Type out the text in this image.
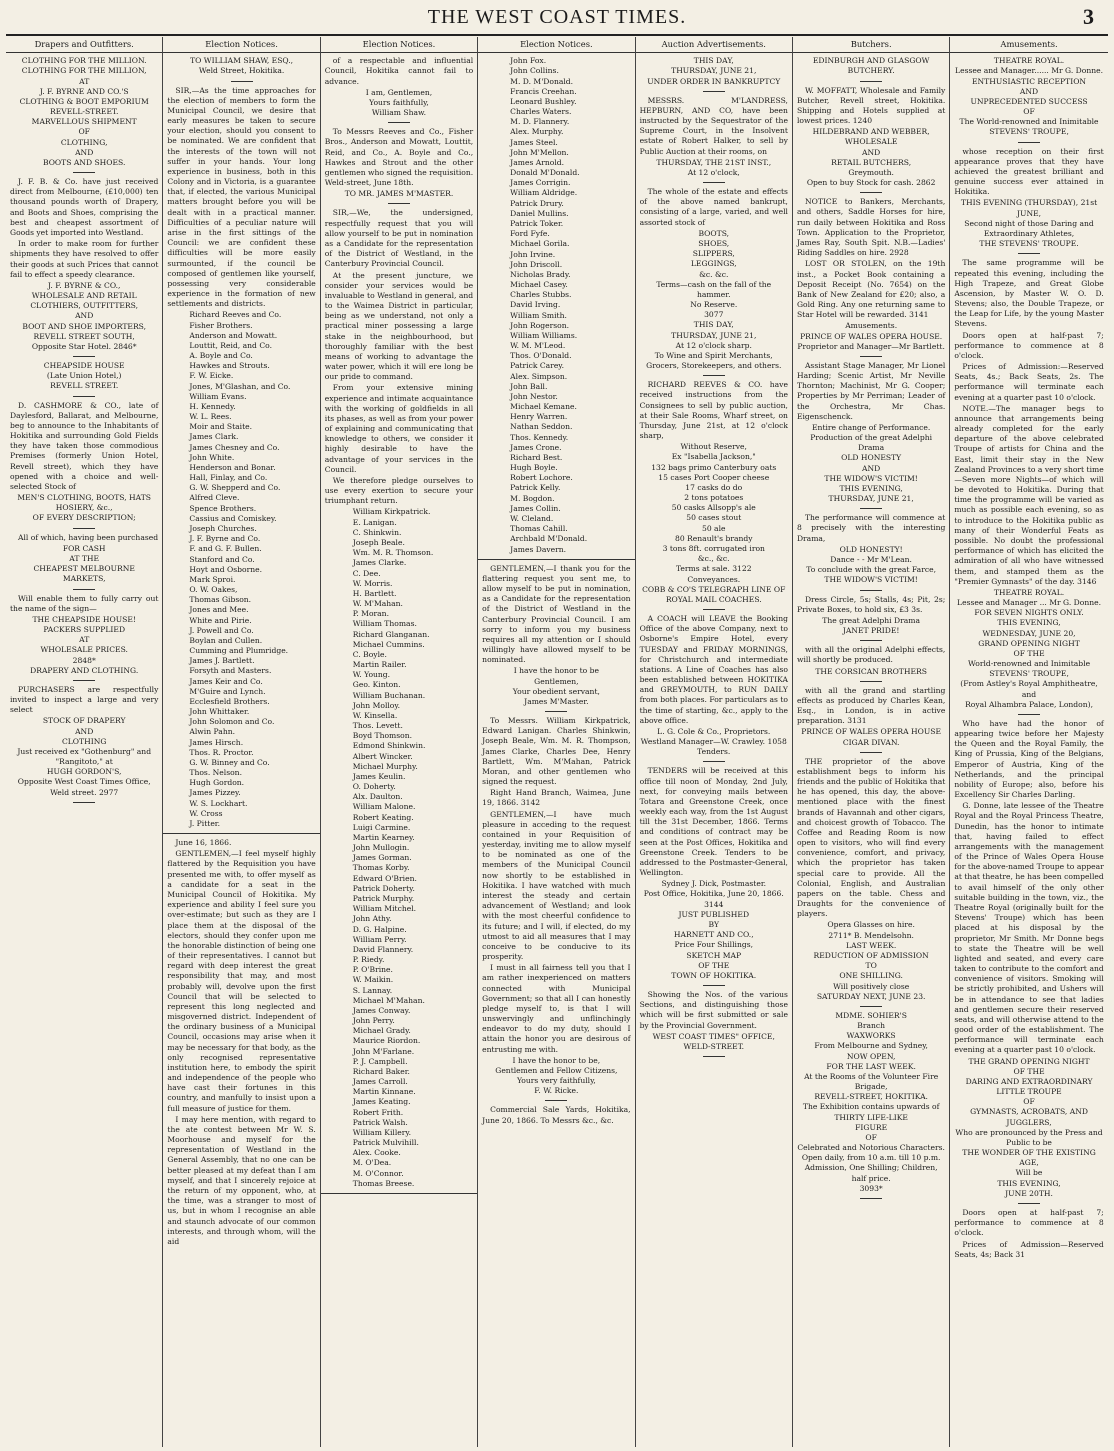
THE WEST COAST TIMES.	3
Drapers and Outfitters.
CLOTHING FOR THE MILLION.
CLOTHING FOR THE MILLION,
AT
J. F. BYRNE AND CO.'S
CLOTHING & BOOT EMPORIUM
REVELL-STREET.
MARVELLOUS SHIPMENT
OF
CLOTHING,
AND
BOOTS AND SHOES.

J. F. B. & Co. have just received direct from Melbourne, (£10,000) ten thousand pounds worth of Drapery, and Boots and Shoes, comprising the best and cheapest assortment of Goods yet imported into Westland.

In order to make room for further shipments they have resolved to offer their goods at such Prices that cannot fail to effect a speedy clearance.

J. F. BYRNE & CO.,
WHOLESALE AND RETAIL
CLOTHIERS, OUTFITTERS,
AND
BOOT AND SHOE IMPORTERS,
REVELL STREET SOUTH,
Opposite Star Hotel. 2846*
CHEAPSIDE HOUSE
(Late Union Hotel,)
REVELL STREET.

D. CASHMORE & CO., late of Daylesford, Ballarat, and Melbourne, beg to announce to the Inhabitants of Hokitika and surrounding Gold Fields they have taken those commodious Premises (formerly Union Hotel, Revell street), which they have opened with a choice and well-selected Stock of

MEN'S CLOTHING, BOOTS, HATS
HOSIERY, &c.,
OF EVERY DESCRIPTION;

All of which, having been purchased

FOR CASH
AT THE
CHEAPEST MELBOURNE
MARKETS,

Will enable them to fully carry out the name of the sign—

THE CHEAPSIDE HOUSE!
PACKERS SUPPLIED
AT
WHOLESALE PRICES.
2848*
DRAPERY AND CLOTHING.

PURCHASERS are respectfully invited to inspect a large and very select

STOCK OF DRAPERY
AND
CLOTHING
Just received ex "Gothenburg" and
"Rangitoto," at
HUGH GORDON'S,
Opposite West Coast Times Office,
Weld street. 2977
Election Notices.
TO WILLIAM SHAW, ESQ.,
Weld Street, Hokitika.

SIR,—As the time approaches for the election of members to form the Municipal Council, we desire that early measures be taken to secure your election, should you consent to be nominated. We are confident that the interests of the town will not suffer in your hands. Your long experience in business, both in this Colony and in Victoria, is a guarantee that, if elected, the various Municipal matters brought before you will be dealt with in a practical manner. Difficulties of a peculiar nature will arise in the first sittings of the Council: we are confident these difficulties will be more easily surmounted, if the council be composed of gentlemen like yourself, possessing very considerable experience in the formation of new settlements and districts.

Richard Reeves and Co.
Fisher Brothers.
Anderson and Mowatt.
Louttit, Reid, and Co.
A. Boyle and Co.
Hawkes and Strouts.
F. W. Eicke.
Jones, M'Glashan, and Co.
William Evans.
H. Kennedy.
W. L. Rees.
Moir and Staite.
James Clark.
James Chesney and Co.
John White.
Henderson and Bonar.
Hall, Finlay, and Co.
G. W. Shepperd and Co.
Alfred Cleve.
Spence Brothers.
Cassius and Comiskey.
Joseph Churches.
J. F. Byrne and Co.
F. and G. F. Bullen.
Stanford and Co.
Hoyt and Osborne.
Mark Sproi.
O. W. Oakes,
Thomas Gibson.
Jones and Mee.
White and Pirie.
J. Powell and Co.
Boylan and Cullen.
Cumming and Plumridge.
James J. Bartlett.
Forsyth and Masters.
James Keir and Co.
M'Guire and Lynch.
Ecclesfield Brothers.
John Whittaker.
John Solomon and Co.
Alwin Pahn.
James Hirsch.
Thos. R. Proctor.
G. W. Binney and Co.
Thos. Nelson.
Hugh Gordon.
James Pizzey.
W. S. Lockhart.
W. Cross
J. Pitter.

June 16, 1866.

GENTLEMEN,—I feel myself highly flattered by the Requisition you have presented me with, to offer myself as a candidate for a seat in the Municipal Council of Hokitika. My experience and ability I feel sure you over-estimate; but such as they are I place them at the disposal of the electors, should they confer upon me the honorable distinction of being one of their representatives. I cannot but regard with deep interest the great responsibility that may, and most probably will, devolve upon the first Council that will be selected to represent this long neglected and misgoverned district. Independent of the ordinary business of a Municipal Council, occasions may arise when it may be necessary for that body, as the only recognised representative institution here, to embody the spirit and independence of the people who have cast their fortunes in this country, and manfully to insist upon a full measure of justice for them.

I may here mention, with regard to the ate contest between Mr W. S. Moorhouse and myself for the representation of Westland in the General Assembly, that no one can be better pleased at my defeat than I am myself, and that I sincerely rejoice at the return of my opponent, who, at the time, was a stranger to most of us, but in whom I recognise an able and staunch advocate of our common interests, and through whom, will the aid

Election Notices.

of a respectable and influential Council, Hokitika cannot fail to advance.

I am, Gentlemen,
Yours faithfully,
William Shaw.

To Messrs Reeves and Co., Fisher Bros., Anderson and Mowatt, Louttit, Reid, and Co., A. Boyle and Co., Hawkes and Strout and the other gentlemen who signed the requisition. Weld-street, June 18th.

TO MR. JAMES M'MASTER.

SIR,—We, the undersigned, respectfully request that you will allow yourself to be put in nomination as a Candidate for the representation of the District of Westland, in the Canterbury Provincial Council.

At the present juncture, we consider your services would be invaluable to Westland in general, and to the Waimea District in particular, being as we understand, not only a practical miner possessing a large stake in the neighbourhood, but thoroughly familiar with the best means of working to advantage the water power, which it will ere long be our pride to command.

From your extensive mining experience and intimate acquaintance with the working of goldfields in all its phases, as well as from your power of explaining and communicating that knowledge to others, we consider it highly desirable to have the advantage of your services in the Council.

We therefore pledge ourselves to use every exertion to secure your triumphant return.

William Kirkpatrick.
E. Lanigan.
C. Shinkwin.
Joseph Beale.
Wm. M. R. Thomson.
James Clarke.
C. Dee.
W. Morris.
H. Bartlett.
W. M'Mahan.
P. Moran.
William Thomas.
Richard Glanganan.
Michael Cummins.
C. Boyle.
Martin Railer.
W. Young.
Geo. Kinton.
William Buchanan.
John Molloy.
W. Kinsella.
Thos. Levett.
Boyd Thomson.
Edmond Shinkwin.
Albert Wincker.
Michael Murphy.
James Keulin.
O. Doherty.
Alx. Daulton.
William Malone.
Robert Keating.
Luigi Carmine.
Martin Kearney.
John Mullogin.
James Gorman.
Thomas Korby.
Edward O'Brien.
Patrick Doherty.
Patrick Murphy.
William Mitchel.
John Athy.
D. G. Halpine.
William Perry.
David Flannery.
P. Riedy.
P. O'Brine.
W. Maikin.
S. Lannay.
Michael M'Mahan.
James Conway.
John Perry.
Michael Grady.
Maurice Riordon.
John M'Farlane.
P. J. Campbell.
Richard Baker.
James Carroll.
Martin Kinnane.
James Keating.
Robert Frith.
Patrick Walsh.
William Killery.
Patrick Mulvihill.
Alex. Cooke.
M. O'Dea.
M. O'Connor.
Thomas Breese.
Election Notices.
John Fox.
John Collins.
M. D. M'Donald.
Francis Creehan.
Leonard Bushley.
Charles Waters.
M. D. Flannery.
Alex. Murphy.
James Steel.
John M'Mellon.
James Arnold.
Donald M'Donald.
James Corrigin.
William Aldridge.
Patrick Drury.
Daniel Mullins.
Patrick Toker.
Ford Fyfe.
Michael Gorila.
John Irvine.
John Driscoll.
Nicholas Brady.
Michael Casey.
Charles Stubbs.
David Irving.
William Smith.
John Rogerson.
William Williams.
W. M. M'Leod.
Thos. O'Donald.
Patrick Carey.
Alex. Simpson.
John Ball.
John Nestor.
Michael Kemane.
Henry Warren.
Nathan Seddon.
Thos. Kennedy.
James Crone.
Richard Best.
Hugh Boyle.
Robert Lochore.
Patrick Kelly.
M. Bogdon.
James Collin.
W. Cleland.
Thomas Cahill.
Archbald M'Donald.
James Davern.

GENTLEMEN,—I thank you for the flattering request you sent me, to allow myself to be put in nomination, as a Candidate for the representation of the District of Westland in the Canterbury Provincial Council. I am sorry to inform you my business requires all my attention or I should willingly have allowed myself to be nominated.

I have the honor to be
Gentlemen,
Your obedient servant,
James M'Master.

To Messrs. William Kirkpatrick, Edward Lanigan. Charles Shinkwin, Joseph Beale, Wm. M. R. Thompson, James Clarke, Charles Dee, Henry Bartlett, Wm. M'Mahan, Patrick Moran, and other gentlemen who signed the request.

Right Hand Branch, Waimea, June 19, 1866. 3142

GENTLEMEN,—I have much pleasure in acceding to the request contained in your Requisition of yesterday, inviting me to allow myself to be nominated as one of the members of the Municipal Council now shortly to be established in Hokitika. I have watched with much interest the steady and certain advancement of Westland; and look with the most cheerful confidence to its future; and I will, if elected, do my utmost to aid all measures that I may conceive to be conducive to its prosperity.

I must in all fairness tell you that I am rather inexperienced on matters connected with Municipal Government; so that all I can honestly pledge myself to, is that I will unswervingly and unflinchingly endeavor to do my duty, should I attain the honor you are desirous of entrusting me with.

I have the honor to be,
Gentlemen and Fellow Citizens,
Yours very faithfully,
F. W. Ricke.

Commercial Sale Yards, Hokitika, June 20, 1866. To Messrs &c., &c.

Auction Advertisements.
THIS DAY,
THURSDAY, JUNE 21,
UNDER ORDER IN BANKRUPTCY

MESSRS. M'LANDRESS, HEPBURN, AND CO, have been instructed by the Sequestrator of the Supreme Court, in the Insolvent estate of Robert Halker, to sell by Public Auction at their rooms, on

THURSDAY, THE 21ST INST.,
At 12 o'clock,

The whole of the estate and effects of the above named bankrupt, consisting of a large, varied, and well assorted stock of

BOOTS,
SHOES,
SLIPPERS,
LEGGINGS,
&c. &c.
Terms—cash on the fall of the hammer.
No Reserve.
3077
THIS DAY,
THURSDAY, JUNE 21,
At 12 o'clock sharp.
To Wine and Spirit Merchants, Grocers, Storekeepers, and others.

RICHARD REEVES & CO. have received instructions from the Consignees to sell by public auction, at their Sale Rooms, Wharf street, on Thursday, June 21st, at 12 o'clock sharp,

Without Reserve,
Ex "Isabella Jackson,"
132 bags primo Canterbury oats
15 cases Port Cooper cheese
17 casks do do
2 tons potatoes
50 casks Allsopp's ale
50 cases stout
50 ale
80 Renault's brandy
3 tons 8ft. corrugated iron
&c., &c.
Terms at sale. 3122
Conveyances.
COBB & CO'S TELEGRAPH LINE OF ROYAL MAIL COACHES.

A COACH will LEAVE the Booking Office of the above Company, next to Osborne's Empire Hotel, every TUESDAY and FRIDAY MORNINGS, for Christchurch and intermediate stations. A Line of Coaches has also been established between HOKITIKA and GREYMOUTH, to RUN DAILY from both places. For particulars as to the time of starting, &c., apply to the above office.

L. G. Cole & Co., Proprietors.
Westland Manager—W. Crawley. 1058
Tenders.

TENDERS will be received at this office till noon of Monday, 2nd July, next, for conveying mails between Totara and Greenstone Creek, once weekly each way, from the 1st August till the 31st December, 1866. Terms and conditions of contract may be seen at the Post Offices, Hokitika and Greenstone Creek. Tenders to be addressed to the Postmaster-General, Wellington.

Sydney J. Dick, Postmaster.
Post Office, Hokitika, June 20, 1866. 3144
JUST PUBLISHED
BY
HARNETT AND CO.,
Price Four Shillings,
SKETCH MAP
OF THE
TOWN OF HOKITIKA.

Showing the Nos. of the various Sections, and distinguishing those which will be first submitted or sale by the Provincial Government.

WEST COAST TIMES" OFFICE,
WELD-STREET.
Butchers.
EDINBURGH AND GLASGOW
BUTCHERY.

W. MOFFATT, Wholesale and Family Butcher, Revell street, Hokitika. Shipping and Hotels supplied at lowest prices. 1240

HILDEBRAND AND WEBBER,
WHOLESALE
AND
RETAIL BUTCHERS,
Greymouth.
Open to buy Stock for cash. 2862

NOTICE to Bankers, Merchants, and others, Saddle Horses for hire, run daily between Hokitika and Ross Town. Application to the Proprietor, James Ray, South Spit. N.B.—Ladies' Riding Saddles on hire. 2928

LOST OR STOLEN, on the 19th inst., a Pocket Book containing a Deposit Receipt (No. 7654) on the Bank of New Zealand for £20; also, a Gold Ring. Any one returning same to Star Hotel will be rewarded. 3141

Amusements.
PRINCE OF WALES OPERA HOUSE.
Proprietor and Manager—Mr Bartlett.

Assistant Stage Manager, Mr Lionel Harding; Scenic Artist, Mr Neville Thornton; Machinist, Mr G. Cooper; Properties by Mr Perriman; Leader of the Orchestra, Mr Chas. Eigenschenck.

Entire change of Performance.
Production of the great Adelphi Drama
OLD HONESTY
AND
THE WIDOW'S VICTIM!
THIS EVENING,
THURSDAY, JUNE 21,

The performance will commence at 8 precisely with the interesting Drama,

OLD HONESTY!
Dance - - Mr M'Lean.
To conclude with the great Farce,
THE WIDOW'S VICTIM!

Dress Circle, 5s; Stalls, 4s; Pit, 2s; Private Boxes, to hold six, £3 3s.

The great Adelphi Drama
JANET PRIDE!

with all the original Adelphi effects, will shortly be produced.

THE CORSICAN BROTHERS

with all the grand and startling effects as produced by Charles Kean, Esq., in London, is in active preparation. 3131

PRINCE OF WALES OPERA HOUSE
CIGAR DIVAN.

THE proprietor of the above establishment begs to inform his friends and the public of Hokitika that he has opened, this day, the above-mentioned place with the finest brands of Havannah and other cigars, and choicest growth of Tobacco. The Coffee and Reading Room is now open to visitors, who will find every convenience, comfort, and privacy, which the proprietor has taken special care to provide. All the Colonial, English, and Australian papers on the table. Chess and Draughts for the convenience of players.

Opera Glasses on hire.
2711* B. Mendelsohn.
LAST WEEK.
REDUCTION OF ADMISSION
TO
ONE SHILLING.
Will positively close
SATURDAY NEXT, JUNE 23.
MDME. SOHIER'S
Branch
WAXWORKS
From Melbourne and Sydney,
NOW OPEN,
FOR THE LAST WEEK.
At the Rooms of the Volunteer Fire Brigade,
REVELL-STREET, HOKITIKA.
The Exhibition contains upwards of
THIRTY LIFE-LIKE
FIGURE
OF
Celebrated and Notorious Characters.
Open daily, from 10 a.m. till 10 p.m.
Admission, One Shilling; Children, half price.
3093*
Amusements.
THEATRE ROYAL.
Lessee and Manager...... Mr G. Donne.
ENTHUSIASTIC RECEPTION
AND
UNPRECEDENTED SUCCESS
OF
The World-renowned and Inimitable
STEVENS' TROUPE,

whose reception on their first appearance proves that they have achieved the greatest brilliant and genuine success ever attained in Hokitika.

THIS EVENING (THURSDAY), 21st JUNE,
Second night of those Daring and Extraordinary Athletes,
THE STEVENS' TROUPE.

The same programme will be repeated this evening, including the High Trapeze, and Great Globe Ascension, by Master W. O. D. Stevens; also, the Double Trapeze, or the Leap for Life, by the young Master Stevens.

Doors open at half-past 7; performance to commence at 8 o'clock.

Prices of Admission:—Reserved Seats, 4s.; Back Seats, 2s. The performance will terminate each evening at a quarter past 10 o'clock.

NOTE.—The manager begs to announce that arrangements being already completed for the early departure of the above celebrated Troupe of artists for China and the East, limit their stay in the New Zealand Provinces to a very short time—Seven more Nights—of which will be devoted to Hokitika. During that time the programme will be varied as much as possible each evening, so as to introduce to the Hokitika public as many of their Wonderful Feats as possible. No doubt the professional performance of which has elicited the admiration of all who have witnessed them, and stamped them as the "Premier Gymnasts" of the day. 3146

THEATRE ROYAL.
Lessee and Manager ... Mr G. Donne.
FOR SEVEN NIGHTS ONLY.
THIS EVENING,
WEDNESDAY, JUNE 20,
GRAND OPENING NIGHT
OF THE
World-renowned and Inimitable
STEVENS' TROUPE,
(From Astley's Royal Amphitheatre, and
Royal Alhambra Palace, London),

Who have had the honor of appearing twice before her Majesty the Queen and the Royal Family, the King of Prussia, King of the Belgians, Emperor of Austria, King of the Netherlands, and the principal nobility of Europe; also, before his Excellency Sir Charles Darling.

G. Donne, late lessee of the Theatre Royal and the Royal Princess Theatre, Dunedin, has the honor to intimate that, having failed to effect arrangements with the management of the Prince of Wales Opera House for the above-named Troupe to appear at that theatre, he has been compelled to avail himself of the only other suitable building in the town, viz., the Theatre Royal (originally built for the Stevens' Troupe) which has been placed at his disposal by the proprietor, Mr Smith. Mr Donne begs to state the Theatre will be well lighted and seated, and every care taken to contribute to the comfort and convenience of visitors. Smoking will be strictly prohibited, and Ushers will be in attendance to see that ladies and gentlemen secure their reserved seats, and will otherwise attend to the good order of the establishment. The performance will terminate each evening at a quarter past 10 o'clock.

THE GRAND OPENING NIGHT
OF THE
DARING AND EXTRAORDINARY
LITTLE TROUPE
OF
GYMNASTS, ACROBATS, AND
JUGGLERS,
Who are pronounced by the Press and
Public to be
THE WONDER OF THE EXISTING AGE,
Will be
THIS EVENING,
JUNE 20TH.

Doors open at half-past 7; performance to commence at 8 o'clock.

Prices of Admission—Reserved Seats, 4s; Back 31
